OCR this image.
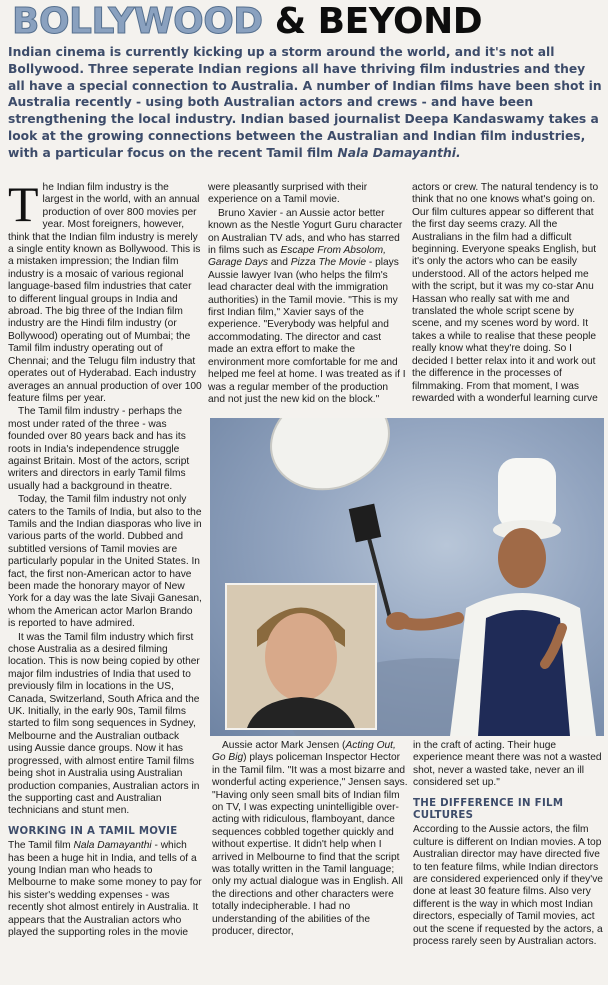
BOLLYWOOD & BEYOND
Indian cinema is currently kicking up a storm around the world, and it's not all Bollywood. Three seperate Indian regions all have thriving film industries and they all have a special connection to Australia. A number of Indian films have been shot in Australia recently - using both Australian actors and crews - and have been strengthening the local industry. Indian based journalist Deepa Kandaswamy takes a look at the growing connections between the Australian and Indian film industries, with a particular focus on the recent Tamil film Nala Damayanthi.

The Indian film industry is the largest in the world, with an annual production of over 800 movies per year. Most foreigners, however, think that the Indian film industry is merely a single entity known as Bollywood. This is a mistaken impression; the Indian film industry is a mosaic of various regional language-based film industries that cater to different lingual groups in India and abroad. The big three of the Indian film industry are the Hindi film industry (or Bollywood) operating out of Mumbai; the Tamil film industry operating out of Chennai; and the Telugu film industry that operates out of Hyderabad. Each industry averages an annual production of over 100 feature films per year.

The Tamil film industry - perhaps the most under rated of the three - was founded over 80 years back and has its roots in India's independence struggle against Britain. Most of the actors, script writers and directors in early Tamil films usually had a background in theatre.

Today, the Tamil film industry not only caters to the Tamils of India, but also to the Tamils and the Indian diasporas who live in various parts of the world. Dubbed and subtitled versions of Tamil movies are particularly popular in the United States. In fact, the first non-American actor to have been made the honorary mayor of New York for a day was the late Sivaji Ganesan, whom the American actor Marlon Brando is reported to have admired.

It was the Tamil film industry which first chose Australia as a desired filming location. This is now being copied by other major film industries of India that used to previously film in locations in the US, Canada, Switzerland, South Africa and the UK. Initially, in the early 90s, Tamil films started to film song sequences in Sydney, Melbourne and the Australian outback using Aussie dance groups. Now it has progressed, with almost entire Tamil films being shot in Australia using Australian production companies, Australian actors in the supporting cast and Australian technicians and stunt men.

WORKING IN A TAMIL MOVIE

The Tamil film Nala Damayanthi - which has been a huge hit in India, and tells of a young Indian man who heads to Melbourne to make some money to pay for his sister's wedding expenses - was recently shot almost entirely in Australia. It appears that the Australian actors who played the supporting roles in the movie

were pleasantly surprised with their experience on a Tamil movie.

Bruno Xavier - an Aussie actor better known as the Nestle Yogurt Guru character on Australian TV ads, and who has starred in films such as Escape From Absolom, Garage Days and Pizza The Movie - plays Aussie lawyer Ivan (who helps the film's lead character deal with the immigration authorities) in the Tamil movie. "This is my first Indian film," Xavier says of the experience. "Everybody was helpful and accommodating. The director and cast made an extra effort to make the environment more comfortable for me and helped me feel at home. I was treated as if I was a regular member of the production and not just the new kid on the block."

actors or crew. The natural tendency is to think that no one knows what's going on. Our film cultures appear so different that the first day seems crazy. All the Australians in the film had a difficult beginning. Everyone speaks English, but it's only the actors who can be easily understood. All of the actors helped me with the script, but it was my co-star Anu Hassan who really sat with me and translated the whole script scene by scene, and my scenes word by word. It takes a while to realise that these people really know what they're doing. So I decided I better relax into it and work out the difference in the processes of filmmaking. From that moment, I was rewarded with a wonderful learning curve

Aussie actor Mark Jensen (Acting Out, Go Big) plays policeman Inspector Hector in the Tamil film. "It was a most bizarre and wonderful acting experience," Jensen says. "Having only seen small bits of Indian film on TV, I was expecting unintelligible over-acting with ridiculous, flamboyant, dance sequences cobbled together quickly and without expertise. It didn't help when I arrived in Melbourne to find that the script was totally written in the Tamil language; only my actual dialogue was in English. All the directions and other characters were totally indecipherable. I had no understanding of the abilities of the producer, director,

in the craft of acting. Their huge experience meant there was not a wasted shot, never a wasted take, never an ill considered set up."

THE DIFFERENCE IN FILM CULTURES

According to the Aussie actors, the film culture is different on Indian movies. A top Australian director may have directed five to ten feature films, while Indian directors are considered experienced only if they've done at least 30 feature films. Also very different is the way in which most Indian directors, especially of Tamil movies, act out the scene if requested by the actors, a process rarely seen by Australian actors.
